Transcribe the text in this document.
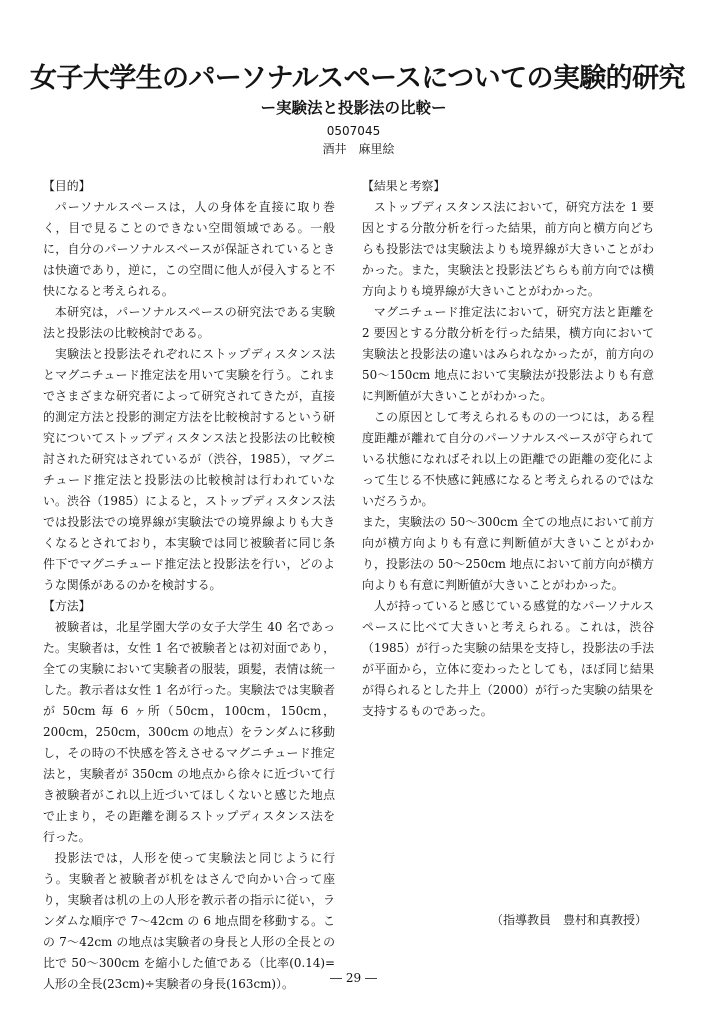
女子大学生のパーソナルスペースについての実験的研究
ー実験法と投影法の比較ー
0507045
酒井　麻里絵
【目的】

パーソナルスペースは，人の身体を直接に取り巻く，目で見ることのできない空間領域である。一般に，自分のパーソナルスペースが保証されているときは快適であり，逆に，この空間に他人が侵入すると不快になると考えられる。

本研究は，パーソナルスペースの研究法である実験法と投影法の比較検討である。

実験法と投影法それぞれにストップディスタンス法とマグニチュード推定法を用いて実験を行う。これまでさまざまな研究者によって研究されてきたが，直接的測定方法と投影的測定方法を比較検討するという研究についてストップディスタンス法と投影法の比較検討された研究はされているが（渋谷，1985），マグニチュード推定法と投影法の比較検討は行われていない。渋谷（1985）によると，ストップディスタンス法では投影法での境界線が実験法での境界線よりも大きくなるとされており，本実験では同じ被験者に同じ条件下でマグニチュード推定法と投影法を行い，どのような関係があるのかを検討する。

【方法】

被験者は，北星学園大学の女子大学生 40 名であった。実験者は，女性 1 名で被験者とは初対面であり，全ての実験において実験者の服装，頭髪，表情は統一した。教示者は女性 1 名が行った。実験法では実験者が 50cm 毎 6 ヶ所（50cm，100cm，150cm，200cm，250cm，300cm の地点）をランダムに移動し，その時の不快感を答えさせるマグニチュード推定法と，実験者が 350cm の地点から徐々に近づいて行き被験者がこれ以上近づいてほしくないと感じた地点で止まり，その距離を測るストップディスタンス法を行った。

投影法では，人形を使って実験法と同じように行う。実験者と被験者が机をはさんで向かい合って座り，実験者は机の上の人形を教示者の指示に従い，ランダムな順序で 7～42cm の 6 地点間を移動する。この 7～42cm の地点は実験者の身長と人形の全長との比で 50～300cm を縮小した値である（比率(0.14)=人形の全長(23cm)÷実験者の身長(163cm)）。

【結果と考察】

ストップディスタンス法において，研究方法を 1 要因とする分散分析を行った結果，前方向と横方向どちらも投影法では実験法よりも境界線が大きいことがわかった。また，実験法と投影法どちらも前方向では横方向よりも境界線が大きいことがわかった。

マグニチュード推定法において，研究方法と距離を 2 要因とする分散分析を行った結果，横方向において実験法と投影法の違いはみられなかったが，前方向の 50～150cm 地点において実験法が投影法よりも有意に判断値が大きいことがわかった。

この原因として考えられるものの一つには，ある程度距離が離れて自分のパーソナルスペースが守られている状態になればそれ以上の距離での距離の変化によって生じる不快感に鈍感になると考えられるのではないだろうか。

また，実験法の 50～300cm 全ての地点において前方向が横方向よりも有意に判断値が大きいことがわかり，投影法の 50～250cm 地点において前方向が横方向よりも有意に判断値が大きいことがわかった。

人が持っていると感じている感覚的なパーソナルスペースに比べて大きいと考えられる。これは，渋谷（1985）が行った実験の結果を支持し，投影法の手法が平面から，立体に変わったとしても，ほぼ同じ結果が得られるとした井上（2000）が行った実験の結果を支持するものであった。

（指導教員　豊村和真教授）
― 29 ―
